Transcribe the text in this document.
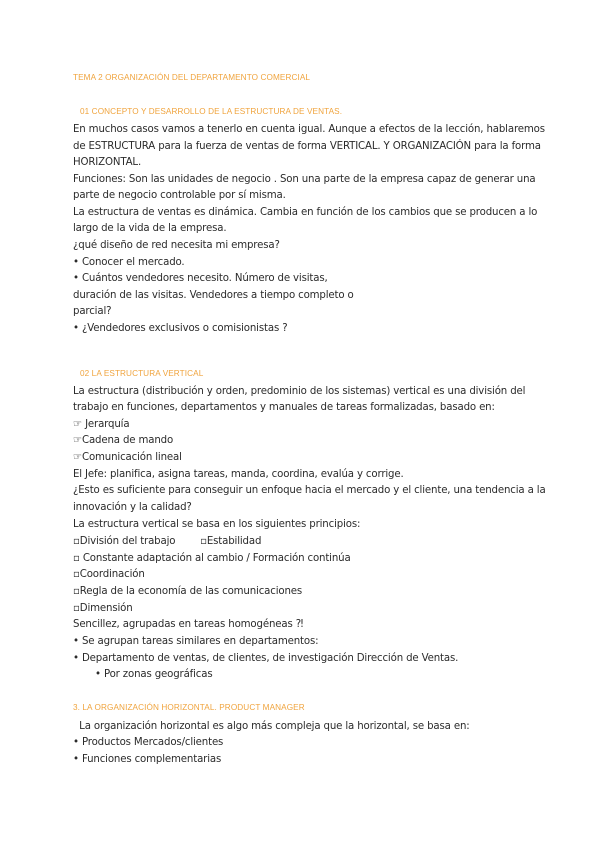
TEMA 2 ORGANIZACIÓN DEL DEPARTAMENTO COMERCIAL
01 CONCEPTO Y DESARROLLO DE LA ESTRUCTURA DE VENTAS.
En muchos casos vamos a tenerlo en cuenta igual. Aunque a efectos de la lección, hablaremos
de ESTRUCTURA para la fuerza de ventas de forma VERTICAL. Y ORGANIZACIÓN para la forma
HORIZONTAL.
Funciones: Son las unidades de negocio . Son una parte de la empresa capaz de generar una
parte de negocio controlable por sí misma.
La estructura de ventas es dinámica. Cambia en función de los cambios que se producen a lo
largo de la vida de la empresa.
¿qué diseño de red necesita mi empresa?
• Conocer el mercado.
• Cuántos vendedores necesito. Número de visitas,
duración de las visitas. Vendedores a tiempo completo o
parcial?
• ¿Vendedores exclusivos o comisionistas ?
02 LA ESTRUCTURA VERTICAL
La estructura (distribución y orden, predominio de los sistemas) vertical es una división del
trabajo en funciones, departamentos y manuales de tareas formalizadas, basado en:
☞ Jerarquía
☞Cadena de mando
☞Comunicación lineal
El Jefe: planifica, asigna tareas, manda, coordina, evalúa y corrige.
¿Esto es suficiente para conseguir un enfoque hacia el mercado y el cliente, una tendencia a la
innovación y la calidad?
La estructura vertical se basa en los siguientes principios:
▫División del trabajo        ▫Estabilidad
▫ Constante adaptación al cambio / Formación continúa
▫Coordinación
▫Regla de la economía de las comunicaciones
▫Dimensión
Sencillez, agrupadas en tareas homogéneas ⁈
• Se agrupan tareas similares en departamentos:
• Departamento de ventas, de clientes, de investigación Dirección de Ventas.
• Por zonas geográficas
3. LA ORGANIZACIÓN HORIZONTAL. PRODUCT MANAGER
La organización horizontal es algo más compleja que la horizontal, se basa en:
• Productos Mercados/clientes
• Funciones complementarias
